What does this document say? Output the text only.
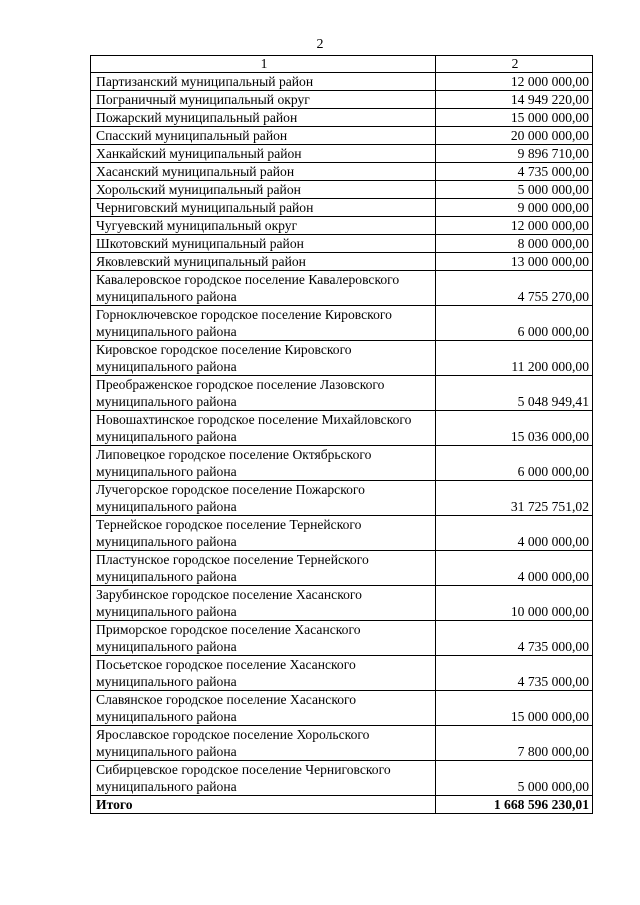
2
1	2
Партизанский муниципальный район	12 000 000,00
Пограничный муниципальный округ	14 949 220,00
Пожарский муниципальный район	15 000 000,00
Спасский муниципальный район	20 000 000,00
Ханкайский муниципальный район	9 896 710,00
Хасанский муниципальный район	4 735 000,00
Хорольский муниципальный район	5 000 000,00
Черниговский муниципальный район	9 000 000,00
Чугуевский муниципальный округ	12 000 000,00
Шкотовский муниципальный район	8 000 000,00
Яковлевский муниципальный район	13 000 000,00
Кавалеровское городское поселение Кавалеровского муниципального района	4 755 270,00
Горноключевское городское поселение Кировского муниципального района	6 000 000,00
Кировское городское поселение Кировского муниципального района	11 200 000,00
Преображенское городское поселение Лазовского муниципального района	5 048 949,41
Новошахтинское городское поселение Михайловского муниципального района	15 036 000,00
Липовецкое городское поселение Октябрьского муниципального района	6 000 000,00
Лучегорское городское поселение Пожарского муниципального района	31 725 751,02
Тернейское городское поселение Тернейского муниципального района	4 000 000,00
Пластунское городское поселение Тернейского муниципального района	4 000 000,00
Зарубинское городское поселение Хасанского муниципального района	10 000 000,00
Приморское городское поселение Хасанского муниципального района	4 735 000,00
Посьетское городское поселение Хасанского муниципального района	4 735 000,00
Славянское городское поселение Хасанского муниципального района	15 000 000,00
Ярославское городское поселение Хорольского муниципального района	7 800 000,00
Сибирцевское городское поселение Черниговского муниципального района	5 000 000,00
Итого	1 668 596 230,01
